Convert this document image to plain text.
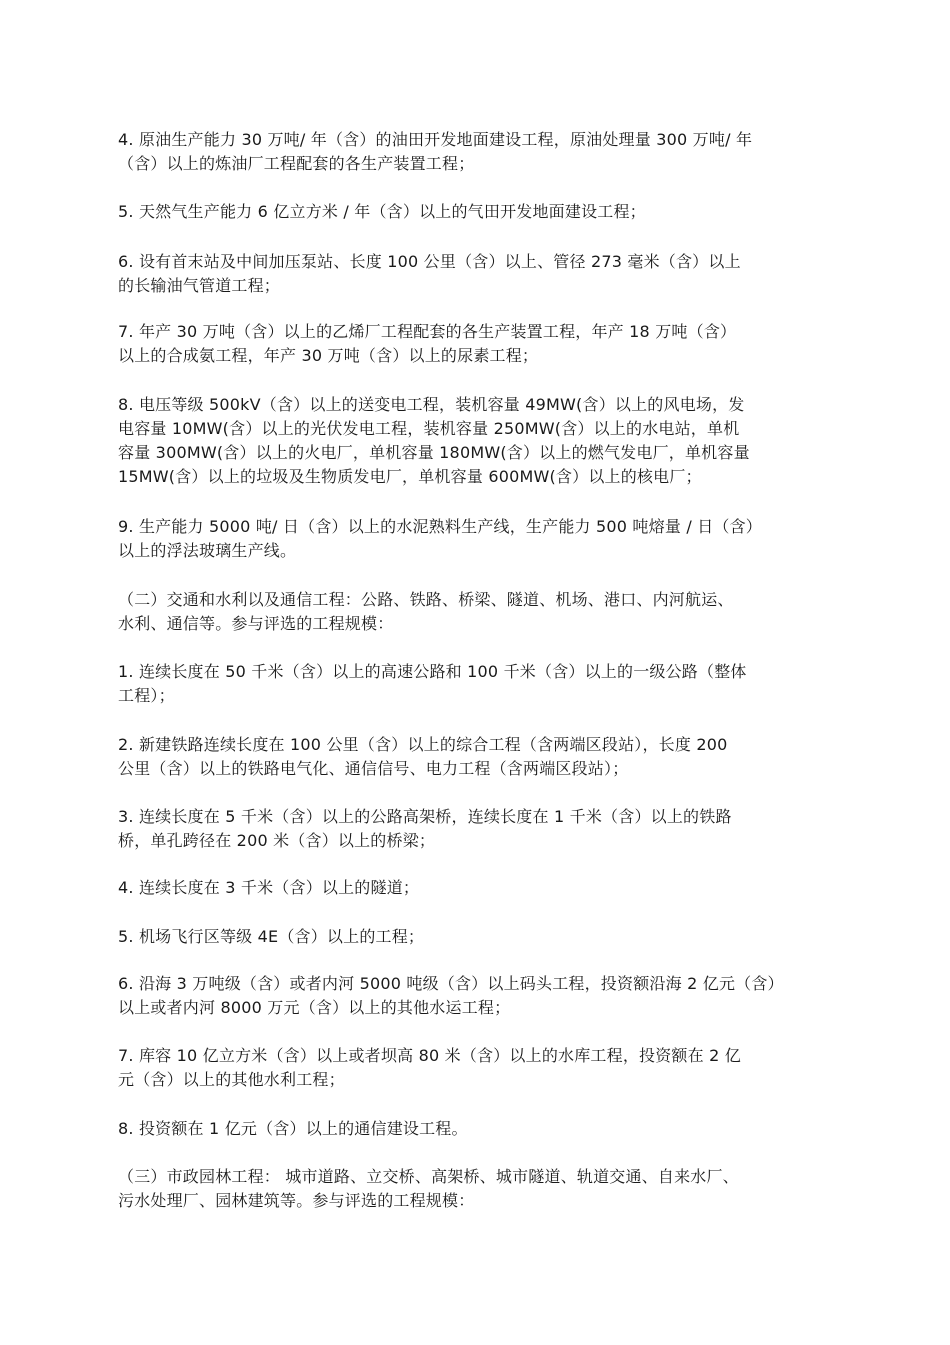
4. 原油生产能力 30 万吨/ 年（含）的油田开发地面建设工程，原油处理量 300 万吨/ 年
（含）以上的炼油厂工程配套的各生产装置工程；

5. 天然气生产能力 6 亿立方米 / 年（含）以上的气田开发地面建设工程；

6. 设有首末站及中间加压泵站、长度 100 公里（含）以上、管径 273 毫米（含）以上
的长输油气管道工程；

7. 年产 30 万吨（含）以上的乙烯厂工程配套的各生产装置工程，年产 18 万吨（含）
以上的合成氨工程，年产 30 万吨（含）以上的尿素工程；

8. 电压等级 500kV（含）以上的送变电工程，装机容量 49MW(含）以上的风电场，发
电容量 10MW(含）以上的光伏发电工程，装机容量 250MW(含）以上的水电站，单机
容量 300MW(含）以上的火电厂，单机容量 180MW(含）以上的燃气发电厂，单机容量
15MW(含）以上的垃圾及生物质发电厂，单机容量 600MW(含）以上的核电厂；

9. 生产能力 5000 吨/ 日（含）以上的水泥熟料生产线，生产能力 500 吨熔量 / 日（含）
以上的浮法玻璃生产线。

（二）交通和水利以及通信工程：公路、铁路、桥梁、隧道、机场、港口、内河航运、
水利、通信等。参与评选的工程规模：

1. 连续长度在 50 千米（含）以上的高速公路和 100 千米（含）以上的一级公路（整体
工程）；

2. 新建铁路连续长度在 100 公里（含）以上的综合工程（含两端区段站），长度 200
公里（含）以上的铁路电气化、通信信号、电力工程（含两端区段站）；

3. 连续长度在 5 千米（含）以上的公路高架桥，连续长度在 1 千米（含）以上的铁路
桥，单孔跨径在 200 米（含）以上的桥梁；

4. 连续长度在 3 千米（含）以上的隧道；

5. 机场飞行区等级 4E（含）以上的工程；

6. 沿海 3 万吨级（含）或者内河 5000 吨级（含）以上码头工程，投资额沿海 2 亿元（含）
以上或者内河 8000 万元（含）以上的其他水运工程；

7. 库容 10 亿立方米（含）以上或者坝高 80 米（含）以上的水库工程，投资额在 2 亿
元（含）以上的其他水利工程；

8. 投资额在 1 亿元（含）以上的通信建设工程。

（三）市政园林工程： 城市道路、立交桥、高架桥、城市隧道、轨道交通、自来水厂、
污水处理厂、园林建筑等。参与评选的工程规模：
